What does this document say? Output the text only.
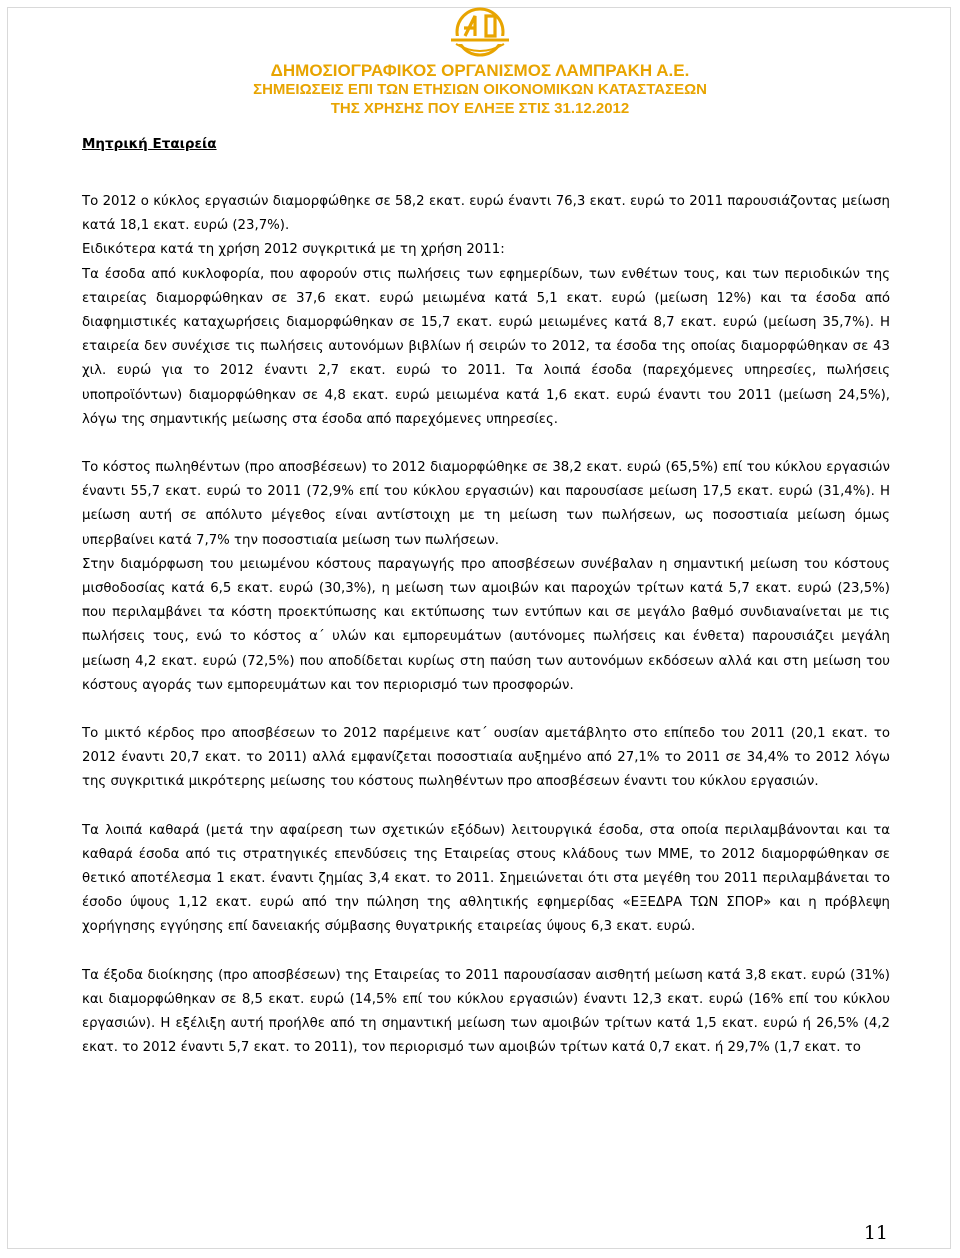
ΔΗΜΟΣΙΟΓΡΑΦΙΚΟΣ ΟΡΓΑΝΙΣΜΟΣ ΛΑΜΠΡΑΚΗ Α.Ε.
ΣΗΜΕΙΩΣΕΙΣ ΕΠΙ ΤΩΝ ΕΤΗΣΙΩΝ ΟΙΚΟΝΟΜΙΚΩΝ ΚΑΤΑΣΤΑΣΕΩΝ
ΤΗΣ ΧΡΗΣΗΣ ΠΟΥ ΕΛΗΞΕ ΣΤΙΣ 31.12.2012
Μητρική Εταιρεία

Το 2012 ο κύκλος εργασιών διαμορφώθηκε σε 58,2 εκατ. ευρώ έναντι 76,3 εκατ. ευρώ το 2011 παρουσιάζοντας μείωση κατά 18,1 εκατ. ευρώ (23,7%).

Ειδικότερα κατά τη χρήση 2012 συγκριτικά με τη χρήση 2011:

Τα έσοδα από κυκλοφορία, που αφορούν στις πωλήσεις των εφημερίδων, των ενθέτων τους, και των περιοδικών της εταιρείας διαμορφώθηκαν σε 37,6 εκατ. ευρώ μειωμένα κατά 5,1 εκατ. ευρώ (μείωση 12%) και τα έσοδα από διαφημιστικές καταχωρήσεις διαμορφώθηκαν σε 15,7 εκατ. ευρώ μειωμένες κατά 8,7 εκατ. ευρώ (μείωση 35,7%). Η εταιρεία δεν συνέχισε τις πωλήσεις αυτονόμων βιβλίων ή σειρών το 2012, τα έσοδα της οποίας διαμορφώθηκαν σε 43 χιλ. ευρώ για το 2012 έναντι 2,7 εκατ. ευρώ το 2011. Τα λοιπά έσοδα (παρεχόμενες υπηρεσίες, πωλήσεις υποπροϊόντων) διαμορφώθηκαν σε 4,8 εκατ. ευρώ μειωμένα κατά 1,6 εκατ. ευρώ έναντι του 2011 (μείωση 24,5%), λόγω της σημαντικής μείωσης στα έσοδα από παρεχόμενες υπηρεσίες.

Το κόστος πωληθέντων (προ αποσβέσεων) το 2012 διαμορφώθηκε σε 38,2 εκατ. ευρώ (65,5%) επί του κύκλου εργασιών έναντι 55,7 εκατ. ευρώ το 2011 (72,9% επί του κύκλου εργασιών) και παρουσίασε μείωση 17,5 εκατ. ευρώ (31,4%). Η μείωση αυτή σε απόλυτο μέγεθος είναι αντίστοιχη με τη μείωση των πωλήσεων, ως ποσοστιαία μείωση όμως υπερβαίνει κατά 7,7% την ποσοστιαία μείωση των πωλήσεων.

Στην διαμόρφωση του μειωμένου κόστους παραγωγής προ αποσβέσεων συνέβαλαν η σημαντική μείωση του κόστους μισθοδοσίας κατά 6,5 εκατ. ευρώ (30,3%), η μείωση των αμοιβών και παροχών τρίτων κατά 5,7 εκατ. ευρώ (23,5%) που περιλαμβάνει τα κόστη προεκτύπωσης και εκτύπωσης των εντύπων και σε μεγάλο βαθμό συνδιαναίνεται με τις πωλήσεις τους, ενώ το κόστος α΄ υλών και εμπορευμάτων (αυτόνομες πωλήσεις και ένθετα) παρουσιάζει μεγάλη μείωση 4,2 εκατ. ευρώ (72,5%) που αποδίδεται κυρίως στη παύση των αυτονόμων εκδόσεων αλλά και στη μείωση του κόστους αγοράς των εμπορευμάτων και τον περιορισμό των προσφορών.

Το μικτό κέρδος προ αποσβέσεων το 2012 παρέμεινε κατ΄ ουσίαν αμετάβλητο στο επίπεδο του 2011 (20,1 εκατ. το 2012 έναντι 20,7 εκατ. το 2011) αλλά εμφανίζεται ποσοστιαία αυξημένο από 27,1% το 2011 σε 34,4% το 2012 λόγω της συγκριτικά μικρότερης μείωσης του κόστους πωληθέντων προ αποσβέσεων έναντι του κύκλου εργασιών.

Τα λοιπά καθαρά (μετά την αφαίρεση των σχετικών εξόδων) λειτουργικά έσοδα, στα οποία περιλαμβάνονται και τα καθαρά έσοδα από τις στρατηγικές επενδύσεις της Εταιρείας στους κλάδους των ΜΜΕ, το 2012 διαμορφώθηκαν σε θετικό αποτέλεσμα 1 εκατ. έναντι ζημίας 3,4 εκατ. το 2011. Σημειώνεται ότι στα μεγέθη του 2011 περιλαμβάνεται το έσοδο ύψους 1,12 εκατ. ευρώ από την πώληση της αθλητικής εφημερίδας «ΕΞΕΔΡΑ ΤΩΝ ΣΠΟΡ» και η πρόβλεψη χορήγησης εγγύησης επί δανειακής σύμβασης θυγατρικής εταιρείας ύψους 6,3 εκατ. ευρώ.

Τα έξοδα διοίκησης (προ αποσβέσεων) της Εταιρείας το 2011 παρουσίασαν αισθητή μείωση κατά 3,8 εκατ. ευρώ (31%) και διαμορφώθηκαν σε 8,5 εκατ. ευρώ (14,5% επί του κύκλου εργασιών) έναντι 12,3 εκατ. ευρώ (16% επί του κύκλου εργασιών). Η εξέλιξη αυτή προήλθε από τη σημαντική μείωση των αμοιβών τρίτων κατά 1,5 εκατ. ευρώ ή 26,5% (4,2 εκατ. το 2012 έναντι 5,7 εκατ. το 2011), τον περιορισμό των αμοιβών τρίτων κατά 0,7 εκατ. ή 29,7% (1,7 εκατ. το

11
